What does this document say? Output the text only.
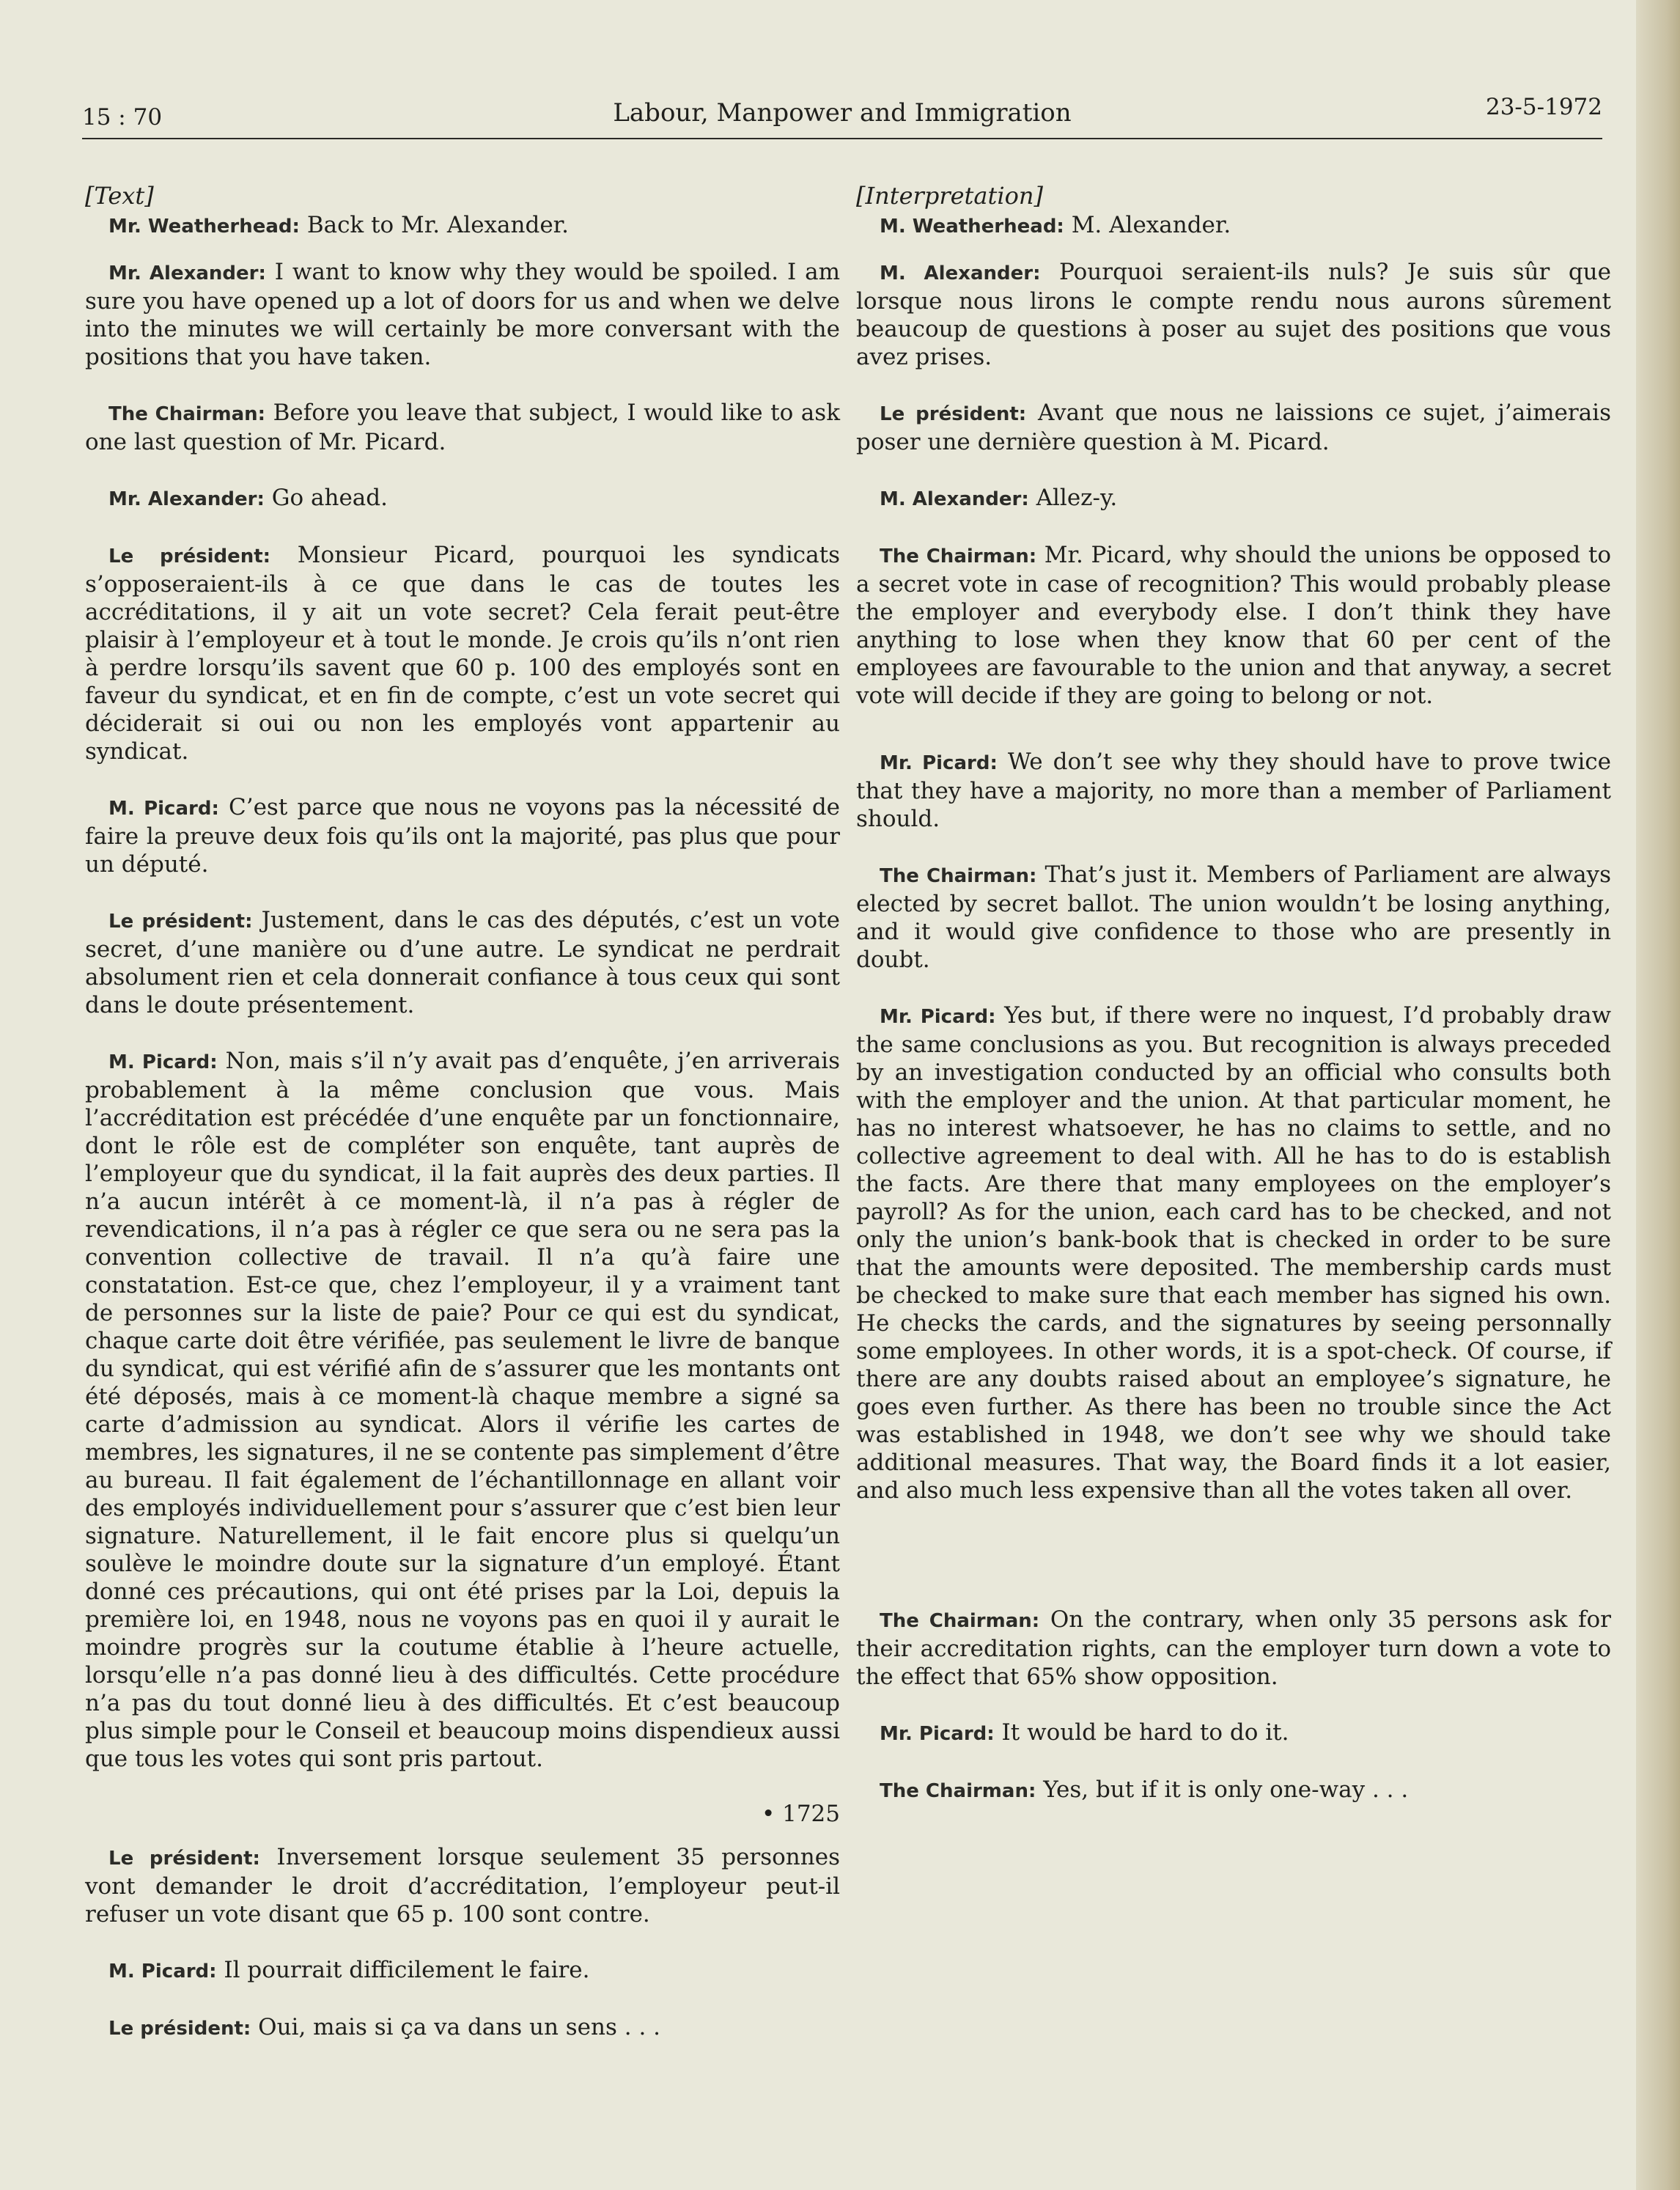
15 : 70	Labour, Manpower and Immigration	23-5-1972
[Text]

Mr. Weatherhead: Back to Mr. Alexander.

Mr. Alexander: I want to know why they would be spoiled. I am sure you have opened up a lot of doors for us and when we delve into the minutes we will certainly be more conversant with the positions that you have taken.

The Chairman: Before you leave that subject, I would like to ask one last question of Mr. Picard.

Mr. Alexander: Go ahead.

Le président: Monsieur Picard, pourquoi les syndicats s’opposeraient-ils à ce que dans le cas de toutes les accréditations, il y ait un vote secret? Cela ferait peut-être plaisir à l’employeur et à tout le monde. Je crois qu’ils n’ont rien à perdre lorsqu’ils savent que 60 p. 100 des employés sont en faveur du syndicat, et en fin de compte, c’est un vote secret qui déciderait si oui ou non les employés vont appartenir au syndicat.

M. Picard: C’est parce que nous ne voyons pas la nécessité de faire la preuve deux fois qu’ils ont la majorité, pas plus que pour un député.

Le président: Justement, dans le cas des députés, c’est un vote secret, d’une manière ou d’une autre. Le syndicat ne perdrait absolument rien et cela donnerait confiance à tous ceux qui sont dans le doute présentement.

M. Picard: Non, mais s’il n’y avait pas d’enquête, j’en arriverais probablement à la même conclusion que vous. Mais l’accréditation est précédée d’une enquête par un fonctionnaire, dont le rôle est de compléter son enquête, tant auprès de l’employeur que du syndicat, il la fait auprès des deux parties. Il n’a aucun intérêt à ce moment-là, il n’a pas à régler de revendications, il n’a pas à régler ce que sera ou ne sera pas la convention collective de travail. Il n’a qu’à faire une constatation. Est-ce que, chez l’employeur, il y a vraiment tant de personnes sur la liste de paie? Pour ce qui est du syndicat, chaque carte doit être vérifiée, pas seulement le livre de banque du syndicat, qui est vérifié afin de s’assurer que les montants ont été déposés, mais à ce moment-là chaque membre a signé sa carte d’admission au syndicat. Alors il vérifie les cartes de membres, les signatures, il ne se contente pas simplement d’être au bureau. Il fait également de l’échantillonnage en allant voir des employés individuellement pour s’assurer que c’est bien leur signature. Naturellement, il le fait encore plus si quelqu’un soulève le moindre doute sur la signature d’un employé. Étant donné ces précautions, qui ont été prises par la Loi, depuis la première loi, en 1948, nous ne voyons pas en quoi il y aurait le moindre progrès sur la coutume établie à l’heure actuelle, lorsqu’elle n’a pas donné lieu à des difficultés. Cette procédure n’a pas du tout donné lieu à des difficultés. Et c’est beaucoup plus simple pour le Conseil et beaucoup moins dispendieux aussi que tous les votes qui sont pris partout.

• 1725

Le président: Inversement lorsque seulement 35 personnes vont demander le droit d’accréditation, l’employeur peut-il refuser un vote disant que 65 p. 100 sont contre.

M. Picard: Il pourrait difficilement le faire.

Le président: Oui, mais si ça va dans un sens . . .

[Interpretation]

M. Weatherhead: M. Alexander.

M. Alexander: Pourquoi seraient-ils nuls? Je suis sûr que lorsque nous lirons le compte rendu nous aurons sûrement beaucoup de questions à poser au sujet des positions que vous avez prises.

Le président: Avant que nous ne laissions ce sujet, j’aimerais poser une dernière question à M. Picard.

M. Alexander: Allez-y.

The Chairman: Mr. Picard, why should the unions be opposed to a secret vote in case of recognition? This would probably please the employer and everybody else. I don’t think they have anything to lose when they know that 60 per cent of the employees are favourable to the union and that anyway, a secret vote will decide if they are going to belong or not.

Mr. Picard: We don’t see why they should have to prove twice that they have a majority, no more than a member of Parliament should.

The Chairman: That’s just it. Members of Parliament are always elected by secret ballot. The union wouldn’t be losing anything, and it would give confidence to those who are presently in doubt.

Mr. Picard: Yes but, if there were no inquest, I’d probably draw the same conclusions as you. But recognition is always preceded by an investigation conducted by an official who consults both with the employer and the union. At that particular moment, he has no interest whatsoever, he has no claims to settle, and no collective agreement to deal with. All he has to do is establish the facts. Are there that many employees on the employer’s payroll? As for the union, each card has to be checked, and not only the union’s bank-book that is checked in order to be sure that the amounts were deposited. The membership cards must be checked to make sure that each member has signed his own. He checks the cards, and the signatures by seeing personnally some employees. In other words, it is a spot-check. Of course, if there are any doubts raised about an employee’s signature, he goes even further. As there has been no trouble since the Act was established in 1948, we don’t see why we should take additional measures. That way, the Board finds it a lot easier, and also much less expensive than all the votes taken all over.

The Chairman: On the contrary, when only 35 persons ask for their accreditation rights, can the employer turn down a vote to the effect that 65% show opposition.

Mr. Picard: It would be hard to do it.

The Chairman: Yes, but if it is only one-way . . .
